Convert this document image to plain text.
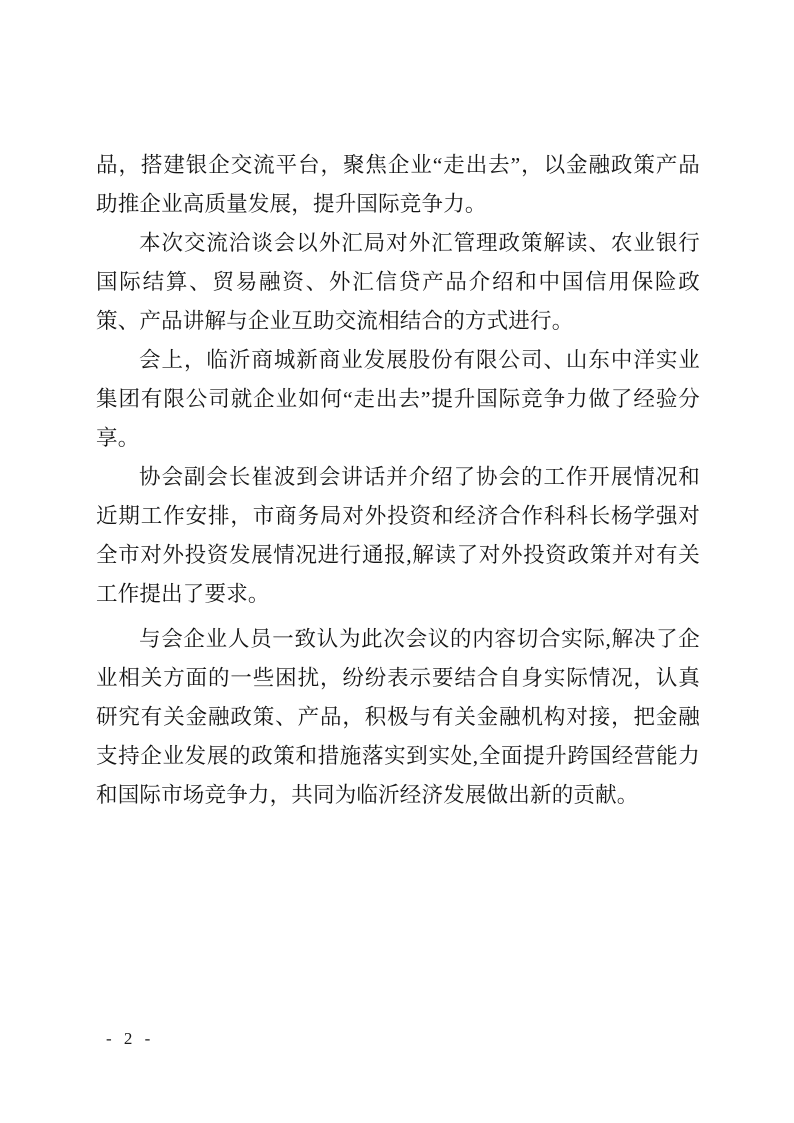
品，搭建银企交流平台，聚焦企业“走出去”，以金融政策产品助推企业高质量发展，提升国际竞争力。

本次交流洽谈会以外汇局对外汇管理政策解读、农业银行国际结算、贸易融资、外汇信贷产品介绍和中国信用保险政策、产品讲解与企业互助交流相结合的方式进行。

会上，临沂商城新商业发展股份有限公司、山东中洋实业集团有限公司就企业如何“走出去”提升国际竞争力做了经验分享。

协会副会长崔波到会讲话并介绍了协会的工作开展情况和近期工作安排，市商务局对外投资和经济合作科科长杨学强对全市对外投资发展情况进行通报,解读了对外投资政策并对有关工作提出了要求。

与会企业人员一致认为此次会议的内容切合实际,解决了企业相关方面的一些困扰，纷纷表示要结合自身实际情况，认真研究有关金融政策、产品，积极与有关金融机构对接，把金融支持企业发展的政策和措施落实到实处,全面提升跨国经营能力和国际市场竞争力，共同为临沂经济发展做出新的贡献。

- 2 -
